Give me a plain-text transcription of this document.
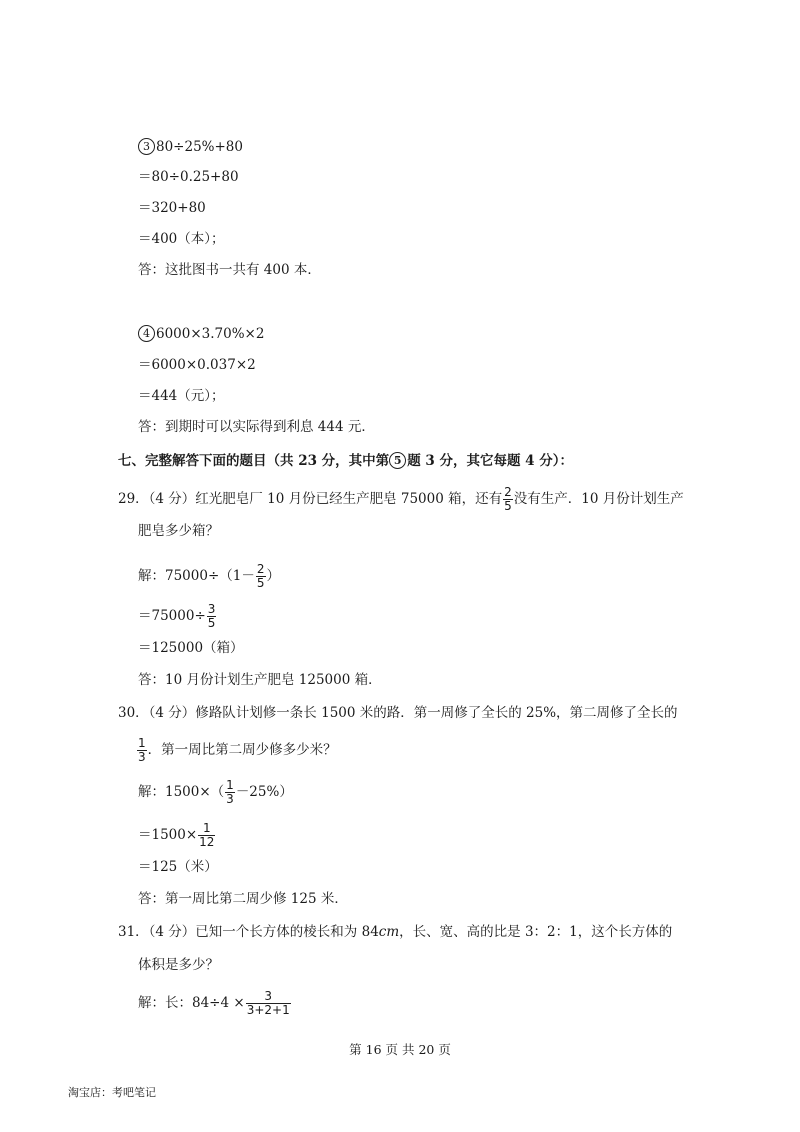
3 80÷25%+80
＝80÷0.25+80
＝320+80
＝400（本）；
答：这批图书一共有 400 本．
4 6000×3.70%×2
＝6000×0.037×2
＝444（元）；
答：到期时可以实际得到利息 444 元．
七、完整解答下面的题目（共 23 分，其中第 5 题 3 分，其它每题 4 分）：
29．（4 分）红光肥皂厂 10 月份已经生产肥皂 75000 箱，还有 $\frac{2}{5}$ 没有生产．10 月份计划生产
肥皂多少箱？
解：$75000\div(1- \frac{2}{5}$ ）
$=75000\div \frac{3}{5}$
＝125000（箱）
答：10 月份计划生产肥皂 125000 箱．
30．（4 分）修路队计划修一条长 1500 米的路．第一周修了全长的 25%，第二周修了全长的
$\frac{1}{3}$ ．第一周比第二周少修多少米？
解：$1500\times( \frac{1}{3} -25\%)$
$=1500\times \frac{1}{12}$
＝125（米）
答：第一周比第二周少修 125 米．
31．（4 分）已知一个长方体的棱长和为 84cm，长、宽、高的比是 3：2：1，这个长方体的
体积是多少？
解：长：$84\div 4 \times \frac{3}{3+2+1}$
第 16 页 共 20 页
淘宝店：考吧笔记
